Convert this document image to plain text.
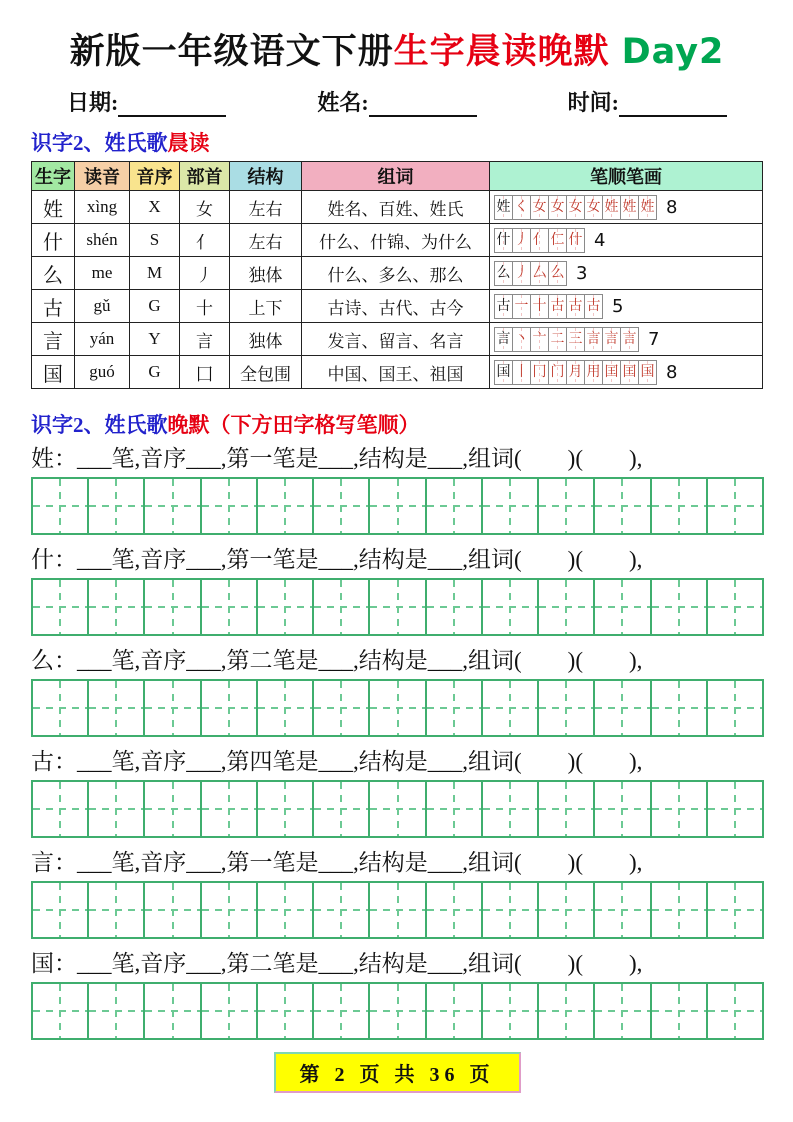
新版一年级语文下册生字晨读晚默 Day2
日期:	姓名:	时间:
识字2、姓氏歌晨读
生字	读音	音序	部首	结构	组词	笔顺笔画
姓	xìng	X	女	左右	姓名、百姓、姓氏	姓 く 女 女 女 女 姓 姓 姓 8

什	shén	S	亻	左右	什么、什锦、为什么	什 丿 亻 仁 什 4

么	me	M	丿	独体	什么、多么、那么	么 丿 厶 么 3

古	gǔ	G	十	上下	古诗、古代、古今	古 一 十 古 古 古 5

言	yán	Y	言	独体	发言、留言、名言	言 丶 亠 二 三 言 言 言 7

国	guó	G	囗	全包围	中国、国王、祖国	国 丨 冂 门 月 用 囯 囯 国 8
识字2、姓氏歌晚默（下方田字格写笔顺）
姓：___笔,音序___,第一笔是___,结构是___,组词(　　)(　　),
什：___笔,音序___,第一笔是___,结构是___,组词(　　)(　　),
么：___笔,音序___,第二笔是___,结构是___,组词(　　)(　　),
古：___笔,音序___,第四笔是___,结构是___,组词(　　)(　　),
言：___笔,音序___,第一笔是___,结构是___,组词(　　)(　　),
国：___笔,音序___,第二笔是___,结构是___,组词(　　)(　　),
第 2 页 共 36 页
